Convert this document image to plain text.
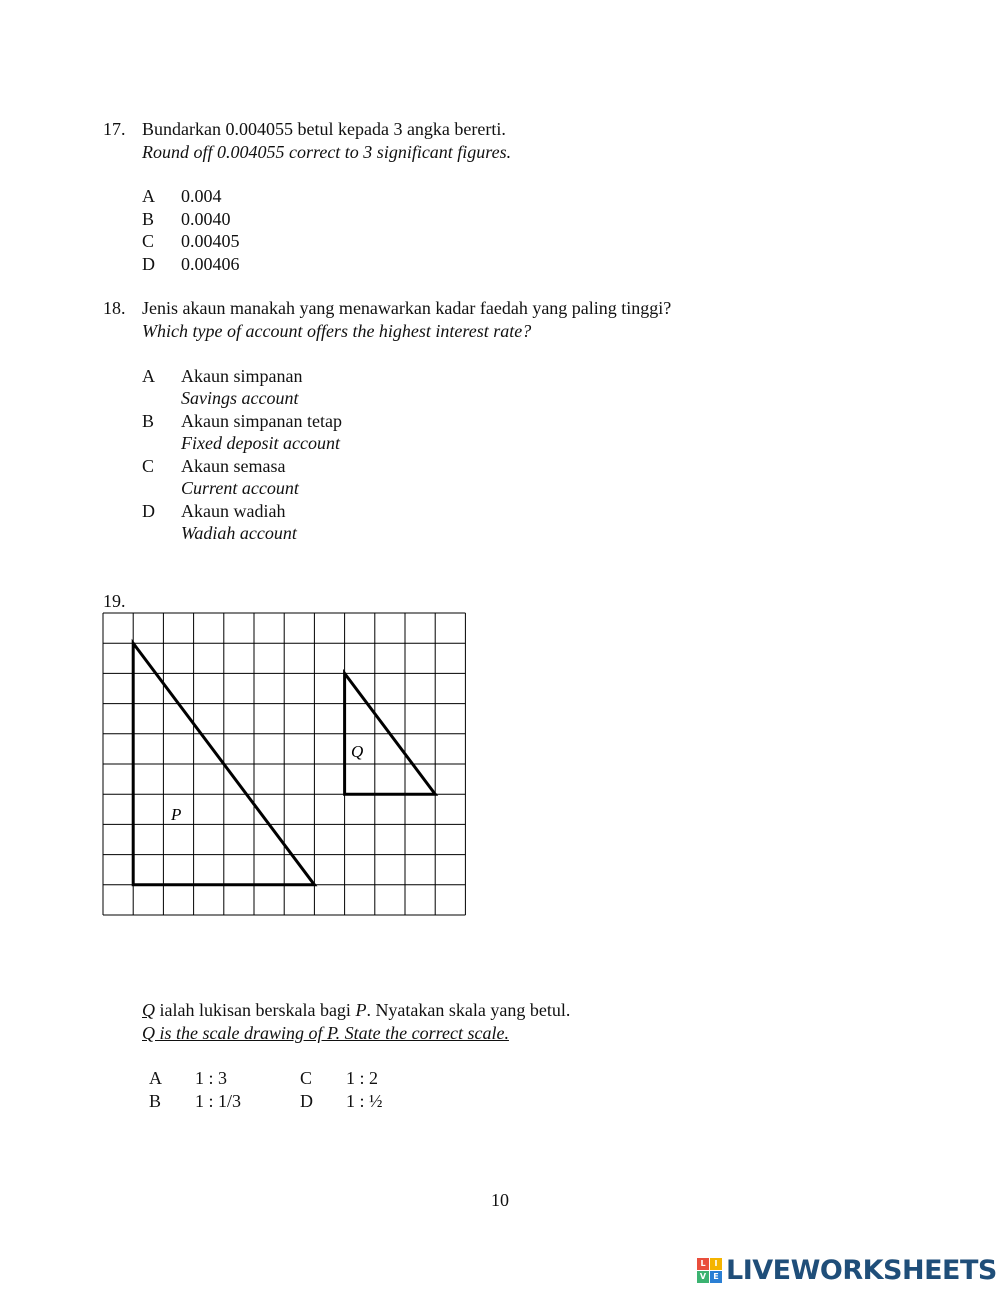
17. Bundarkan 0.004055 betul kepada 3 angka bererti.
Round off 0.004055 correct to 3 significant figures.
A 0.004
B 0.0040
C 0.00405
D 0.00406
18. Jenis akaun manakah yang menawarkan kadar faedah yang paling tinggi?
Which type of account offers the highest interest rate?
A Akaun simpanan
Savings account
B Akaun simpanan tetap
Fixed deposit account
C Akaun semasa
Current account
D Akaun wadiah
Wadiah account
19.
P
Q
Q ialah lukisan berskala bagi P. Nyatakan skala yang betul.
Q is the scale drawing of P. State the correct scale.
A 1 : 3
B 1 : 1/3
C 1 : 2
D 1 : ½
10
L	I
V E LIVEWORKSHEETS
